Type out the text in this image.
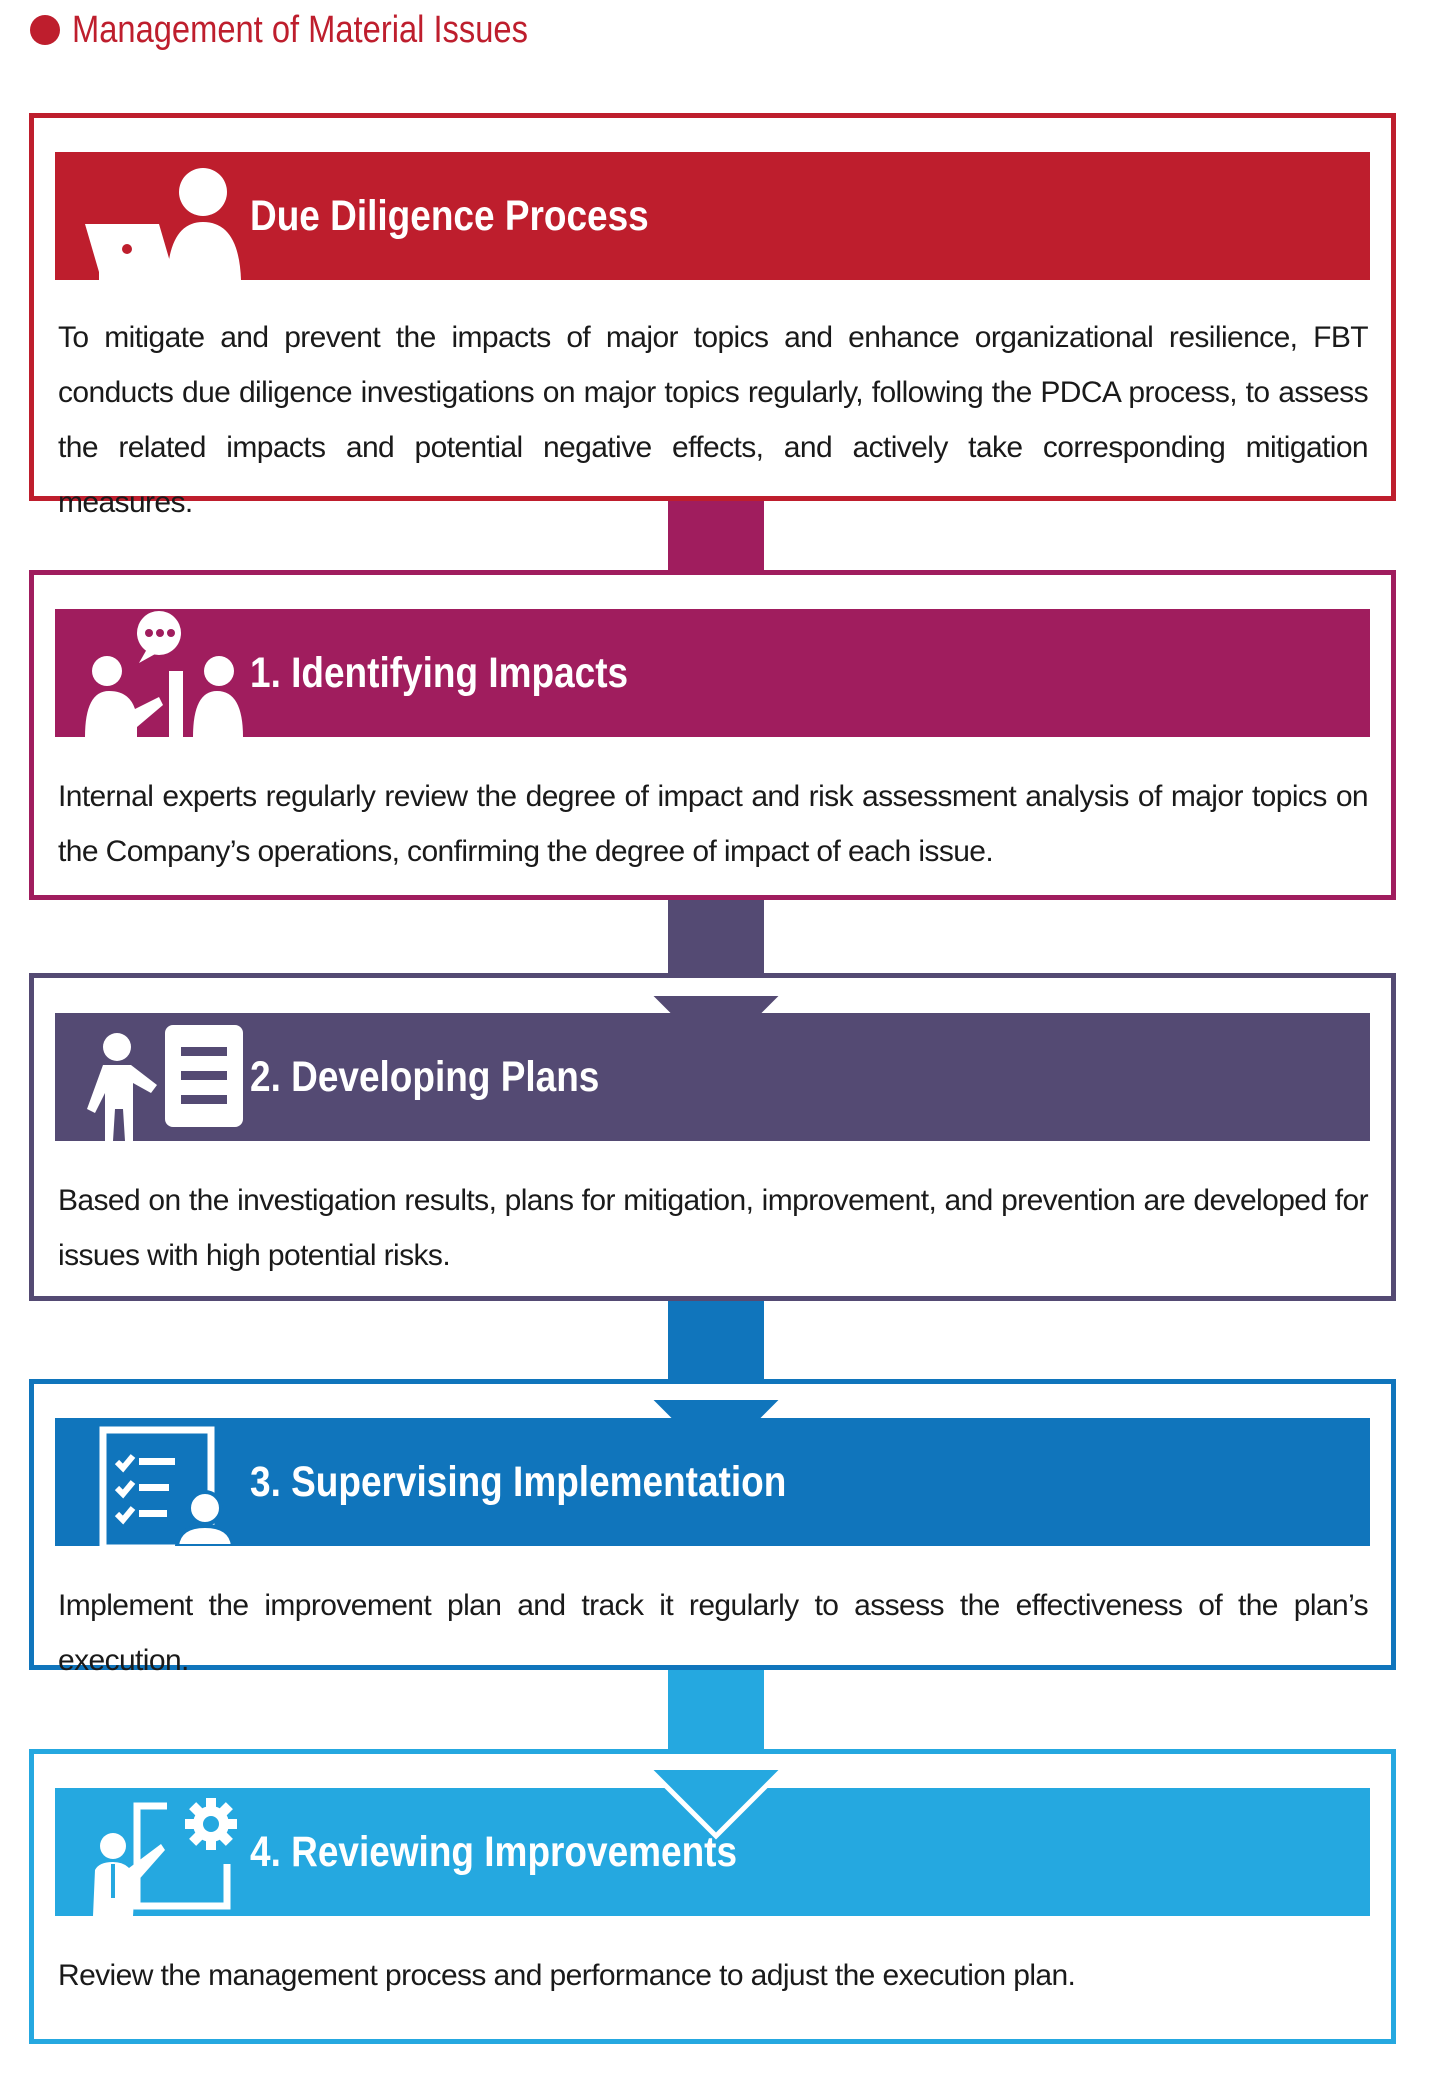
Management of Material Issues
Due Diligence Process
To mitigate and prevent the impacts of major topics and enhance organizational resilience, FBT conducts due diligence investigations on major topics regularly, following the PDCA process, to assess the related impacts and potential negative effects, and actively take corresponding mitigation measures.
1. Identifying Impacts
Internal experts regularly review the degree of impact and risk assessment analysis of major topics on the Company’s operations, confirming the degree of impact of each issue.
2. Developing Plans
Based on the investigation results, plans for mitigation, improvement, and prevention are developed for issues with high potential risks.
3. Supervising Implementation
Implement the improvement plan and track it regularly to assess the effectiveness of the plan’s execution.
4. Reviewing Improvements
Review the management process and performance to adjust the execution plan.
